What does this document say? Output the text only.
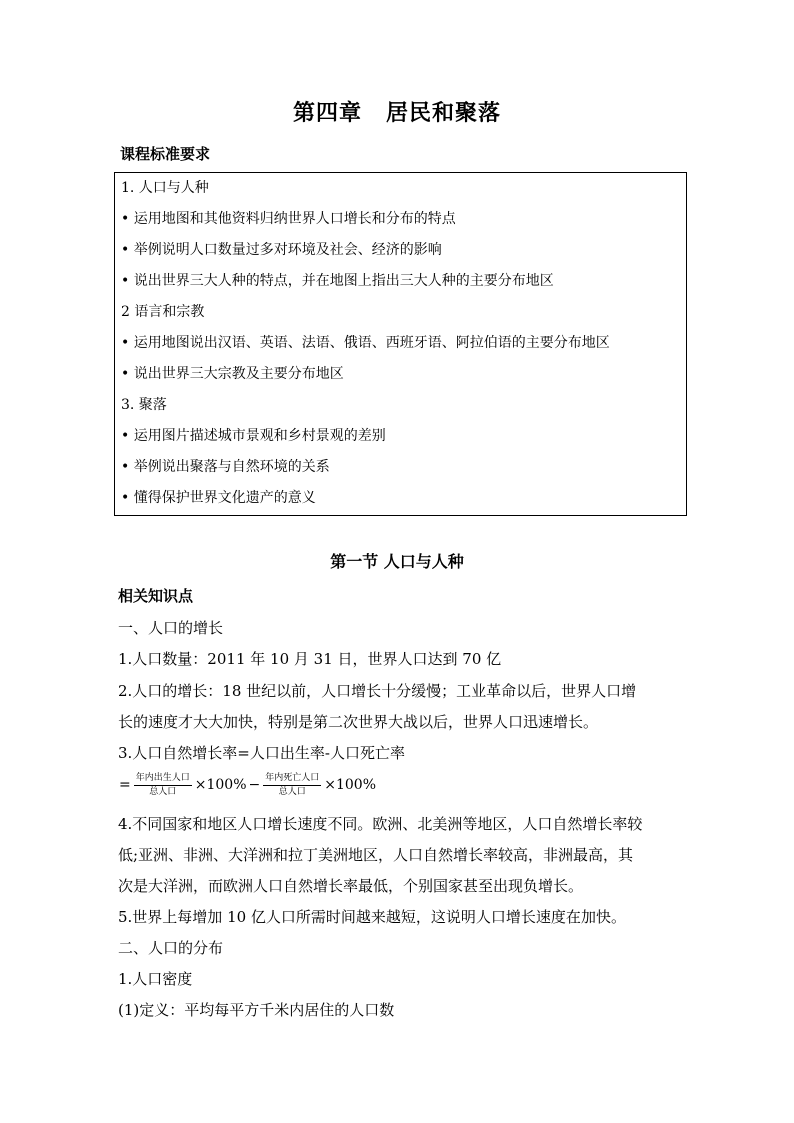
第四章 居民和聚落
课程标准要求
1. 人口与人种
• 运用地图和其他资料归纳世界人口增长和分布的特点
• 举例说明人口数量过多对环境及社会、经济的影响
• 说出世界三大人种的特点，并在地图上指出三大人种的主要分布地区
2 语言和宗教
• 运用地图说出汉语、英语、法语、俄语、西班牙语、阿拉伯语的主要分布地区
• 说出世界三大宗教及主要分布地区
3. 聚落
• 运用图片描述城市景观和乡村景观的差别
• 举例说出聚落与自然环境的关系
• 懂得保护世界文化遗产的意义
第一节 人口与人种
相关知识点
一、人口的增长
1.人口数量：2011 年 10 月 31 日，世界人口达到 70 亿
2.人口的增长：18 世纪以前，人口增长十分缓慢；工业革命以后，世界人口增
长的速度才大大加快，特别是第二次世界大战以后，世界人口迅速增长。
3.人口自然增长率=人口出生率-人口死亡率
= $\frac{\text{年内出生人口}}{\text{总人口}} \times 100\% - \frac{\text{年内死亡人口}}{\text{总人口}} \times 100\%$
4.不同国家和地区人口增长速度不同。欧洲、北美洲等地区，人口自然增长率较
低;亚洲、非洲、大洋洲和拉丁美洲地区，人口自然增长率较高，非洲最高，其
次是大洋洲，而欧洲人口自然增长率最低，个别国家甚至出现负增长。
5.世界上每增加 10 亿人口所需时间越来越短，这说明人口增长速度在加快。
二、人口的分布
1.人口密度
(1)定义：平均每平方千米内居住的人口数
